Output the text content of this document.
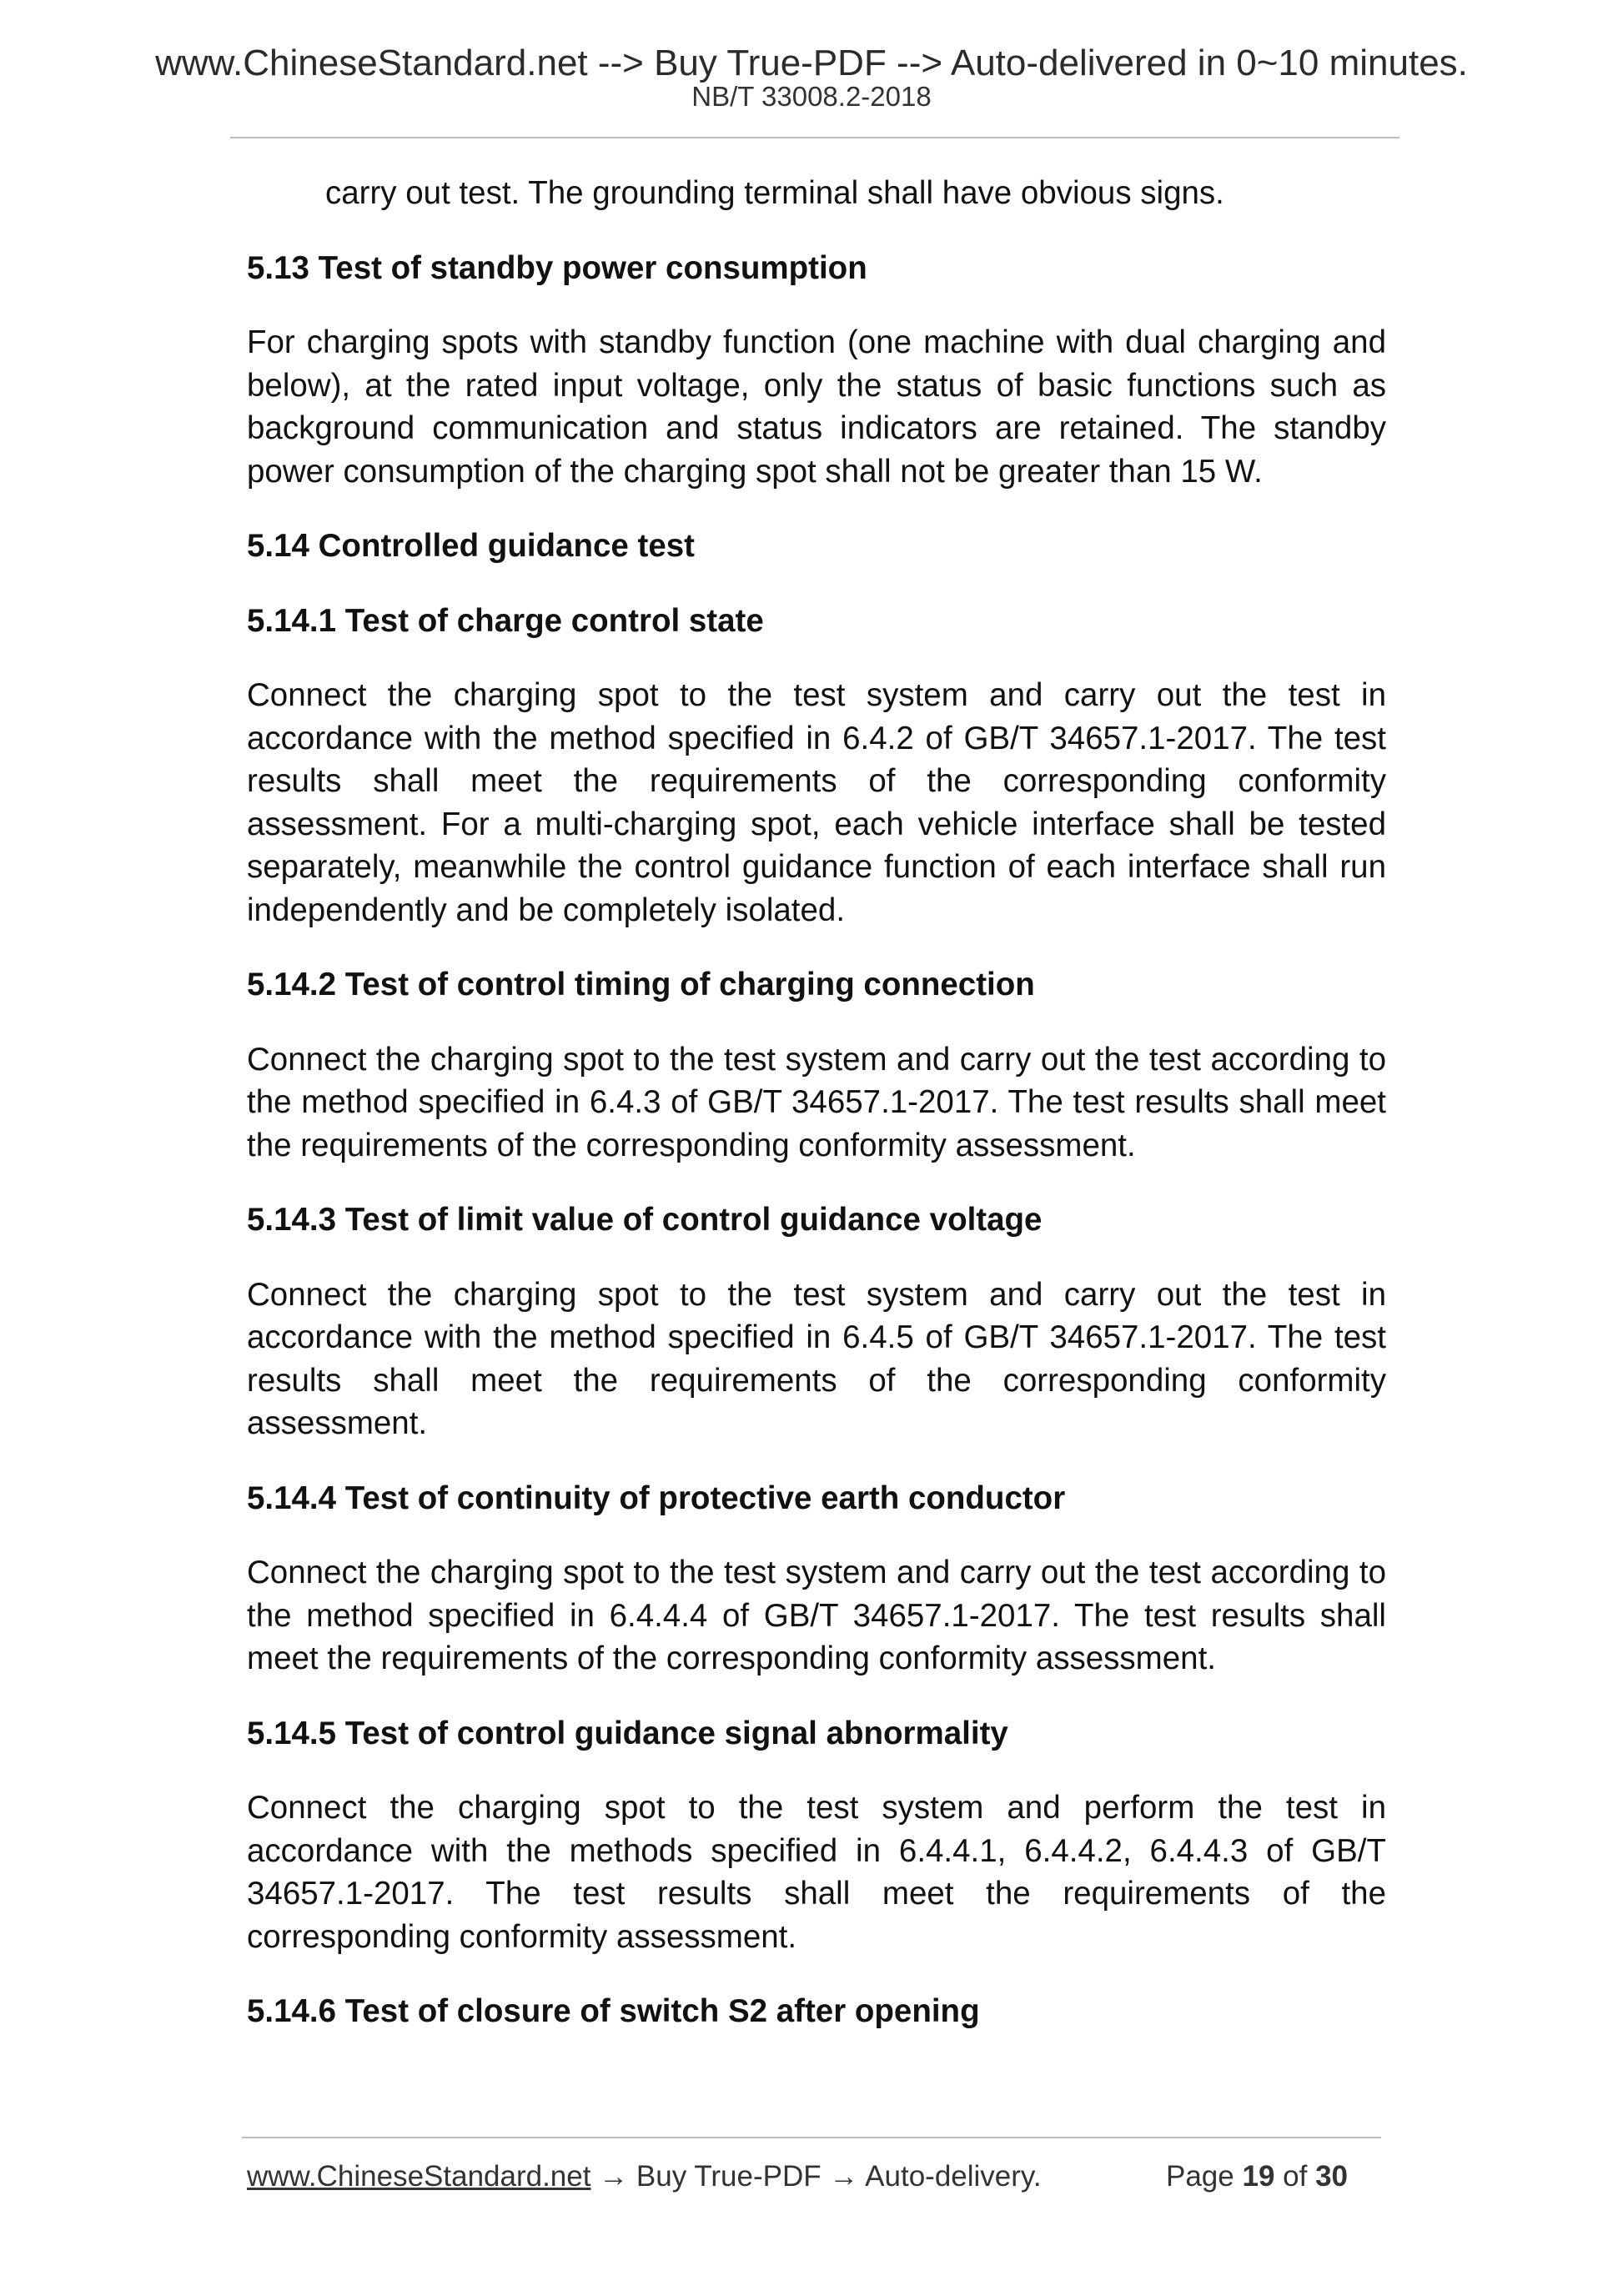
www.ChineseStandard.net --> Buy True-PDF --> Auto-delivered in 0~10 minutes.
NB/T 33008.2-2018

carry out test. The grounding terminal shall have obvious signs.

5.13 Test of standby power consumption

For charging spots with standby function (one machine with dual charging and below), at the rated input voltage, only the status of basic functions such as background communication and status indicators are retained. The standby power consumption of the charging spot shall not be greater than 15 W.

5.14 Controlled guidance test
5.14.1 Test of charge control state

Connect the charging spot to the test system and carry out the test in accordance with the method specified in 6.4.2 of GB/T 34657.1-2017. The test results shall meet the requirements of the corresponding conformity assessment. For a multi-charging spot, each vehicle interface shall be tested separately, meanwhile the control guidance function of each interface shall run independently and be completely isolated.

5.14.2 Test of control timing of charging connection

Connect the charging spot to the test system and carry out the test according to the method specified in 6.4.3 of GB/T 34657.1-2017. The test results shall meet the requirements of the corresponding conformity assessment.

5.14.3 Test of limit value of control guidance voltage

Connect the charging spot to the test system and carry out the test in accordance with the method specified in 6.4.5 of GB/T 34657.1-2017. The test results shall meet the requirements of the corresponding conformity assessment.

5.14.4 Test of continuity of protective earth conductor

Connect the charging spot to the test system and carry out the test according to the method specified in 6.4.4.4 of GB/T 34657.1-2017. The test results shall meet the requirements of the corresponding conformity assessment.

5.14.5 Test of control guidance signal abnormality

Connect the charging spot to the test system and perform the test in accordance with the methods specified in 6.4.4.1, 6.4.4.2, 6.4.4.3 of GB/T 34657.1-2017. The test results shall meet the requirements of the corresponding conformity assessment.

5.14.6 Test of closure of switch S2 after opening
www.ChineseStandard.net → Buy True-PDF → Auto-delivery.	Page 19 of 30
